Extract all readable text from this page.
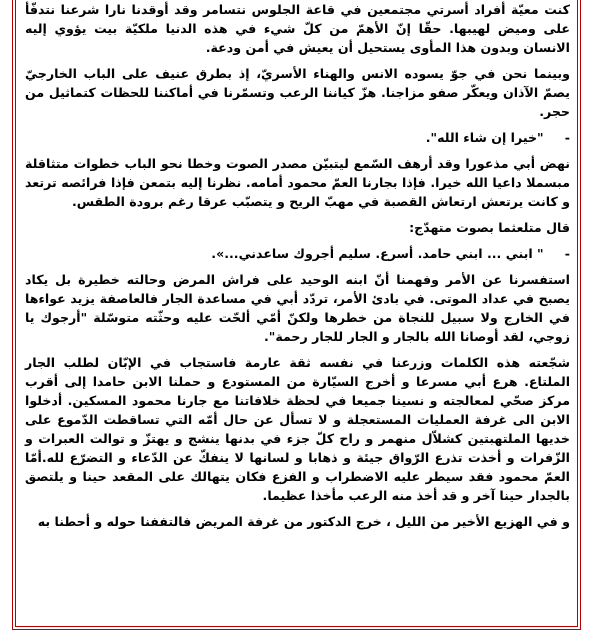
كنت معيّة أفراد أسرتي مجتمعين في قاعة الجلوس نتسامر وقد أوقدنا نارا شرعنا نتدفّأ على وميض لهيبها. حقّا إنّ الأهمّ من كلّ شيء في هذه الدنيا ملكيّة بيت يؤوي إليه الانسان وبدون هذا المأوى يستحيل أن يعيش في أمن ودعة.

وبينما نحن في جوّ يسوده الانس والهناء الأسريّ، إذ بطرق عنيف على الباب الخارجيّ يصمّ الآذان ويعكّر صفو مزاجنا. هزّ كياننا الرعب وتسمّرنا في أماكننا للحظات كتماثيل من حجر.

- "خيرا إن شاء الله".

نهض أبي مذعورا وقد أرهف السّمع ليتبيّن مصدر الصوت وخطا نحو الباب خطوات متثاقلة مبسملا داعيا الله خيرا. فإذا بجارنا العمّ محمود أمامه. نظرنا إليه بتمعن فإذا فرائصه ترتعد و كانت يرتعش ارتعاش القصبة في مهبّ الريح و يتصبّب عرقا رغم برودة الطقس.

قال متلعثما بصوت متهدّج:

- " ابني ... ابني حامد. أسرع. سليم أجروك ساعدني...».

استفسرنا عن الأمر وفهمنا أنّ ابنه الوحيد على فراش المرض وحالته خطيرة بل يكاد يصبح في عداد الموتى. في بادئ الأمر، تردّد أبي في مساعدة الجار فالعاصفة يزيد عواءها في الخارج ولا سبيل للنجاة من خطرها ولكنّ أمّي ألحّت عليه وحثّته متوسّلة "أرجوك يا زوجي، لقد أوصانا الله بالجار و الجار للجار رحمة".

شجّعته هذه الكلمات وزرعنا في نفسه ثقة عارمة فاستجاب في الإبّان لطلب الجار الملتاع. هرع أبي مسرعا و أخرج السيّارة من المستودع و حملنا الابن حامدا إلى أقرب مركز صحّي لمعالجته و نسينا جميعا في لحظة خلافاتنا مع جارنا محمود المسكين. أدخلوا الابن الى غرفة العمليات المستعجلة و لا تسأل عن حال أمّه التي تساقطت الدّموع على خديها الملتهبتين كشلاّل منهمر و راح كلّ جزء في بدنها ينشج و يهتزّ و توالت العبرات و الزّفرات و أخذت تذرع الرّواق جيئة و ذهابا و لسانها لا ينفكّ عن الدّعاء و التضرّع لله.أمّا العمّ محمود فقد سيطر عليه الاضطراب و الفزع فكان يتهالك على المقعد حينا و يلتصق بالجدار حينا آخر و قد أخذ منه الرعب مأخذا عظيما.

و في الهزيع الأخير من الليل ، خرج الدكتور من غرفة المريض فالتففنا حوله و أحطنا به
